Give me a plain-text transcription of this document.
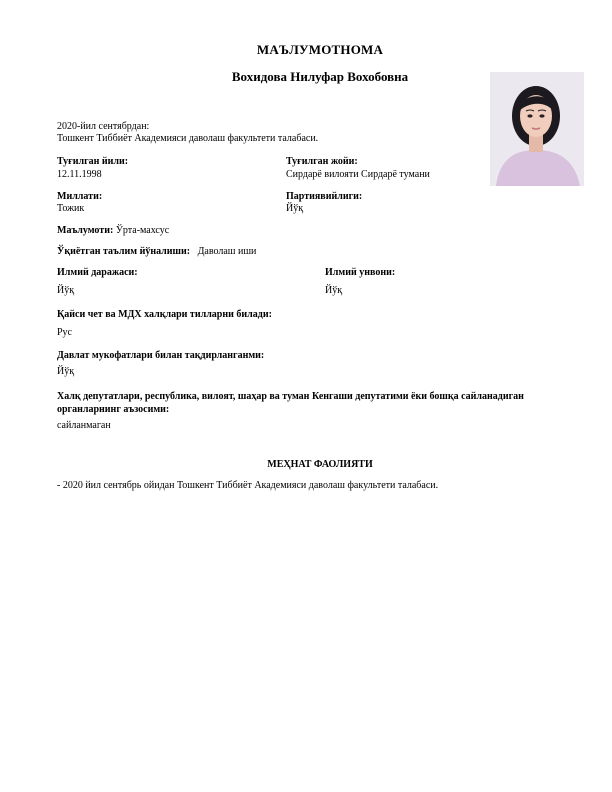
МАЪЛУМОТНОМА
Вохидова Нилуфар Вохобовна
2020-йил сентябрдан:
Тошкент Тиббиёт Академияси даволаш факультети талабаси.
Туғилган йили:
12.11.1998
Туғилган жойи:
Сирдарё вилояти Сирдарё тумани
Миллати:
Тожик
Партиявийлиги:
Йўқ
Маълумоти: Ўрта-махсус
Ўқиётган таълим йўналиши: Даволаш иши
Илмий даражаси:
Йўқ
Илмий унвони:
Йўқ
Қайси чет ва МДХ халқлари тилларни билади:
Рус
Давлат мукофатлари билан тақдирланганми:
Йўқ
Халқ депутатлари, республика, вилоят, шаҳар ва туман Кенгаши депутатими ёки бошқа сайланадиган
органларнинг аъзосими:
сайланмаган
МЕҲНАТ ФАОЛИЯТИ
- 2020 йил сентябрь ойидан Тошкент Тиббиёт Академияси даволаш факультети талабаси.
